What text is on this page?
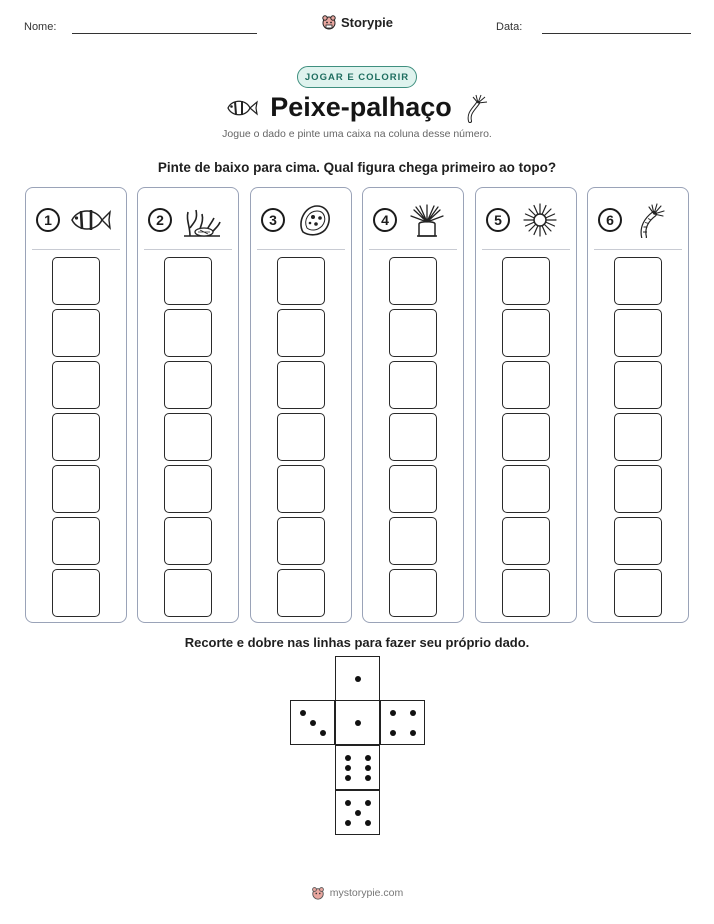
Nome:	Storypie	Data:
JOGAR E COLORIR
Peixe-palhaço
Jogue o dado e pinte uma caixa na coluna desse número.
Pinte de baixo para cima. Qual figura chega primeiro ao topo?
1	2	3	4	5	6
Recorte e dobre nas linhas para fazer seu próprio dado.
mystorypie.com
